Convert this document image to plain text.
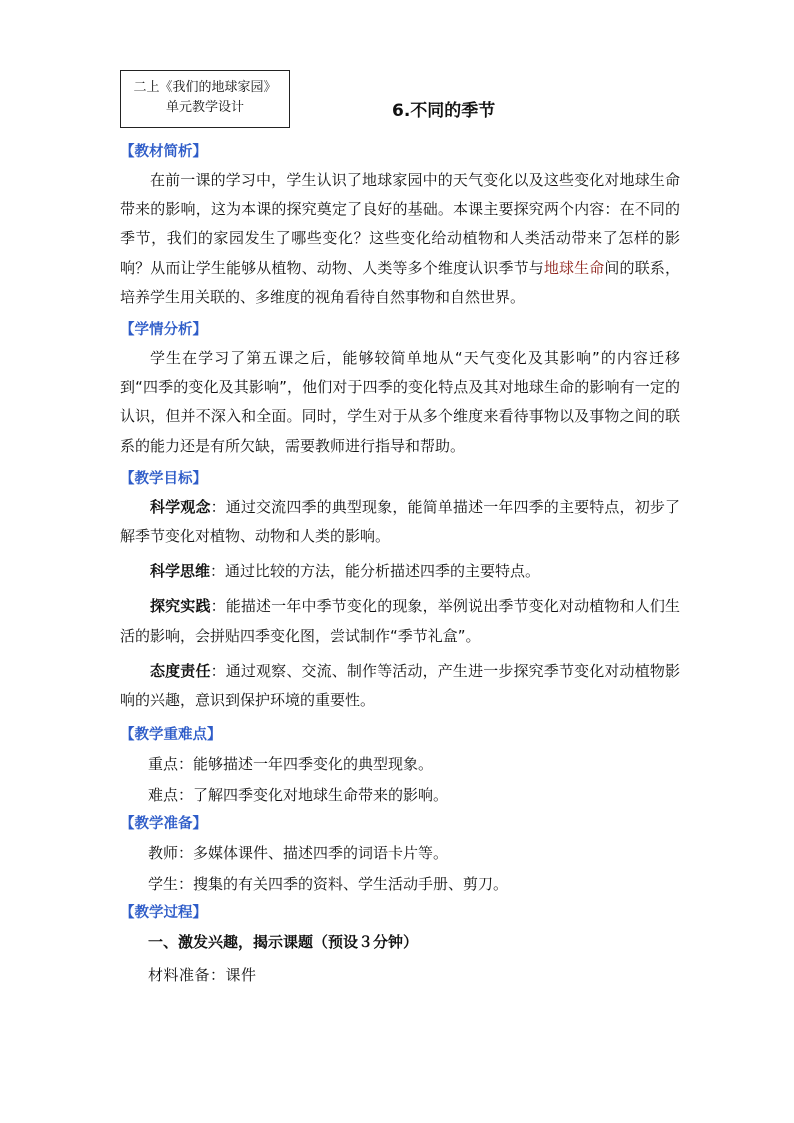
二上《我们的地球家园》
单元教学设计	6.不同的季节
【教材简析】
在前一课的学习中，学生认识了地球家园中的天气变化以及这些变化对地球生命带来的影响，这为本课的探究奠定了良好的基础。本课主要探究两个内容：在不同的季节，我们的家园发生了哪些变化？这些变化给动植物和人类活动带来了怎样的影响？从而让学生能够从植物、动物、人类等多个维度认识季节与地球生命间的联系，培养学生用关联的、多维度的视角看待自然事物和自然世界。
【学情分析】
学生在学习了第五课之后，能够较简单地从“天气变化及其影响”的内容迁移到“四季的变化及其影响”，他们对于四季的变化特点及其对地球生命的影响有一定的认识，但并不深入和全面。同时，学生对于从多个维度来看待事物以及事物之间的联系的能力还是有所欠缺，需要教师进行指导和帮助。
【教学目标】
科学观念：通过交流四季的典型现象，能简单描述一年四季的主要特点，初步了解季节变化对植物、动物和人类的影响。
科学思维：通过比较的方法，能分析描述四季的主要特点。
探究实践：能描述一年中季节变化的现象，举例说出季节变化对动植物和人们生活的影响，会拼贴四季变化图，尝试制作“季节礼盒”。
态度责任：通过观察、交流、制作等活动，产生进一步探究季节变化对动植物影响的兴趣，意识到保护环境的重要性。
【教学重难点】
重点：能够描述一年四季变化的典型现象。
难点：了解四季变化对地球生命带来的影响。
【教学准备】
教师：多媒体课件、描述四季的词语卡片等。
学生：搜集的有关四季的资料、学生活动手册、剪刀。
【教学过程】
一、激发兴趣，揭示课题（预设３分钟）
材料准备：课件
